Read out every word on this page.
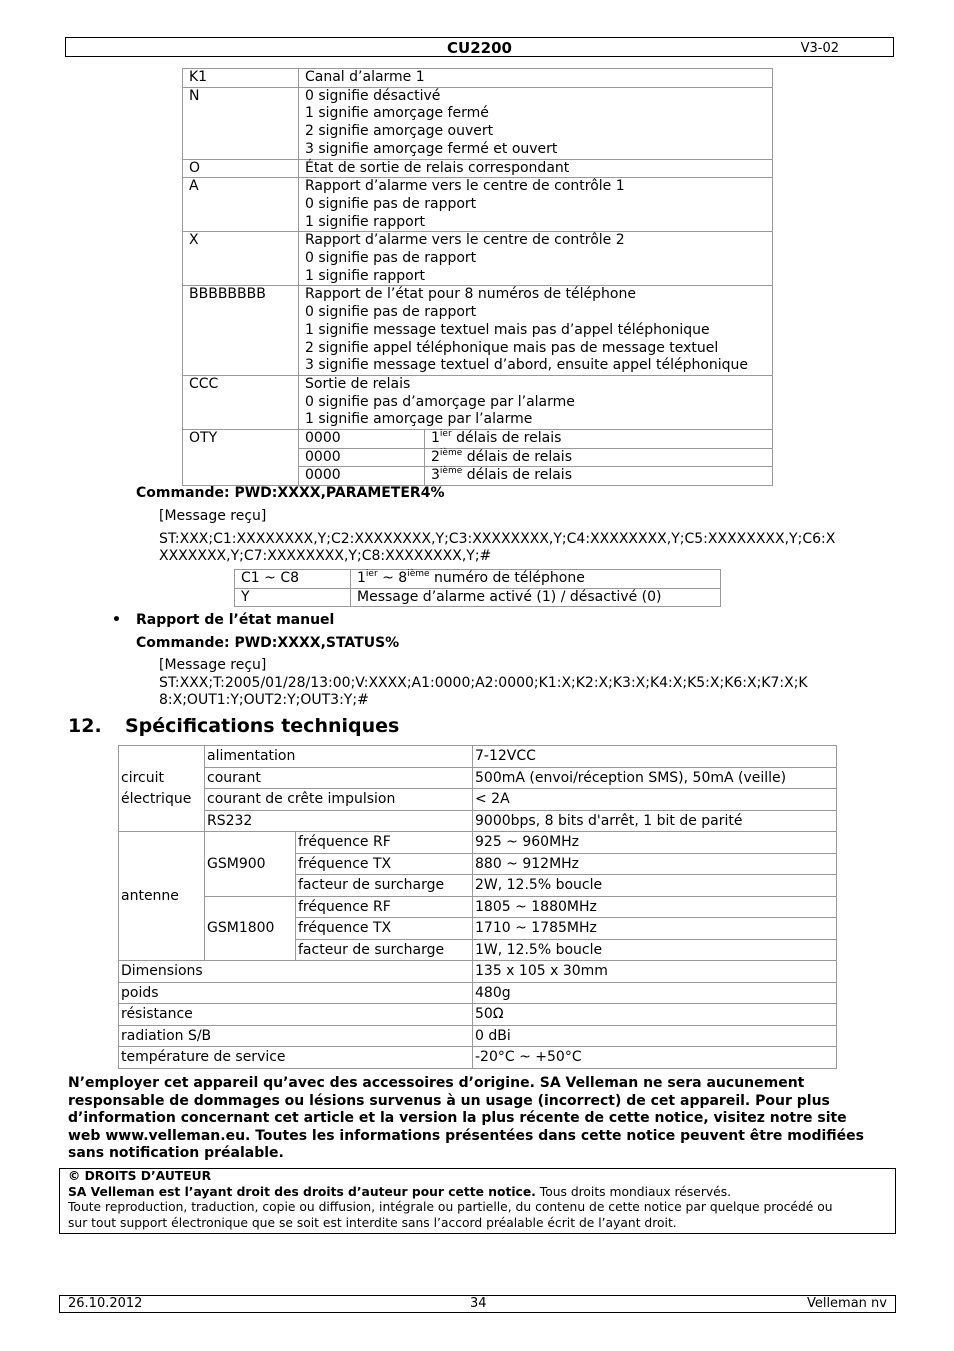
CU2200	V3-02
K1	Canal d’alarme 1	

N	0 signifie désactivé
1 signifie amorçage fermé
2 signifie amorçage ouvert
3 signifie amorçage fermé et ouvert	

O	État de sortie de relais correspondant	

A	Rapport d’alarme vers le centre de contrôle 1
0 signifie pas de rapport
1 signifie rapport	

X	Rapport d’alarme vers le centre de contrôle 2
0 signifie pas de rapport
1 signifie rapport	

BBBBBBBB	Rapport de l’état pour 8 numéros de téléphone
0 signifie pas de rapport
1 signifie message textuel mais pas d’appel téléphonique
2 signifie appel téléphonique mais pas de message textuel
3 signifie message textuel d’abord, ensuite appel téléphonique	

CCC	Sortie de relais
0 signifie pas d’amorçage par l’alarme
1 signifie amorçage par l’alarme	

OTY	0000	$1^{ier}$ délais de relais
	0000	2ième délais de relais
	0000	3ième délais de relais
Commande: PWD:XXXX,PARAMETER4%
[Message reçu]
ST:XXX;C1:XXXXXXXX,Y;C2:XXXXXXXX,Y;C3:XXXXXXXX,Y;C4:XXXXXXXX,Y;C5:XXXXXXXX,Y;C6:X
XXXXXXX,Y;C7:XXXXXXXX,Y;C8:XXXXXXXX,Y;#
C1 ~ C8	$1^{ier}$ ~ 8ième numéro de téléphone
Y	Message d’alarme activé (1) / désactivé (0)
• Rapport de l’état manuel
Commande: PWD:XXXX,STATUS%
[Message reçu]
ST:XXX;T:2005/01/28/13:00;V:XXXX;A1:0000;A2:0000;K1:X;K2:X;K3:X;K4:X;K5:X;K6:X;K7:X;K
8:X;OUT1:Y;OUT2:Y;OUT3:Y;#
12. Spécifications techniques
circuit
électrique	alimentation		7-12VCC
	courant		500mA (envoi/réception SMS), 50mA (veille)
	courant de crête impulsion		< 2A
	RS232		9000bps, 8 bits d'arrêt, 1 bit de parité
antenne	GSM900	fréquence RF	925 ~ 960MHz
		fréquence TX	880 ~ 912MHz
		facteur de surcharge	2W, 12.5% boucle
	GSM1800	fréquence RF	1805 ~ 1880MHz
		fréquence TX	1710 ~ 1785MHz
		facteur de surcharge	1W, 12.5% boucle
Dimensions			135 x 105 x 30mm
poids			480g
résistance			50Ω
radiation S/B			0 dBi
température de service			-20°C ~ +50°C
N’employer cet appareil qu’avec des accessoires d’origine. SA Velleman ne sera aucunement
responsable de dommages ou lésions survenus à un usage (incorrect) de cet appareil. Pour plus
d’information concernant cet article et la version la plus récente de cette notice, visitez notre site
web www.velleman.eu. Toutes les informations présentées dans cette notice peuvent être modifiées
sans notification préalable.
© DROITS D’AUTEUR
SA Velleman est l’ayant droit des droits d’auteur pour cette notice. Tous droits mondiaux réservés.
Toute reproduction, traduction, copie ou diffusion, intégrale ou partielle, du contenu de cette notice par quelque procédé ou
sur tout support électronique que se soit est interdite sans l’accord préalable écrit de l’ayant droit.
26.10.2012	34	Velleman nv
